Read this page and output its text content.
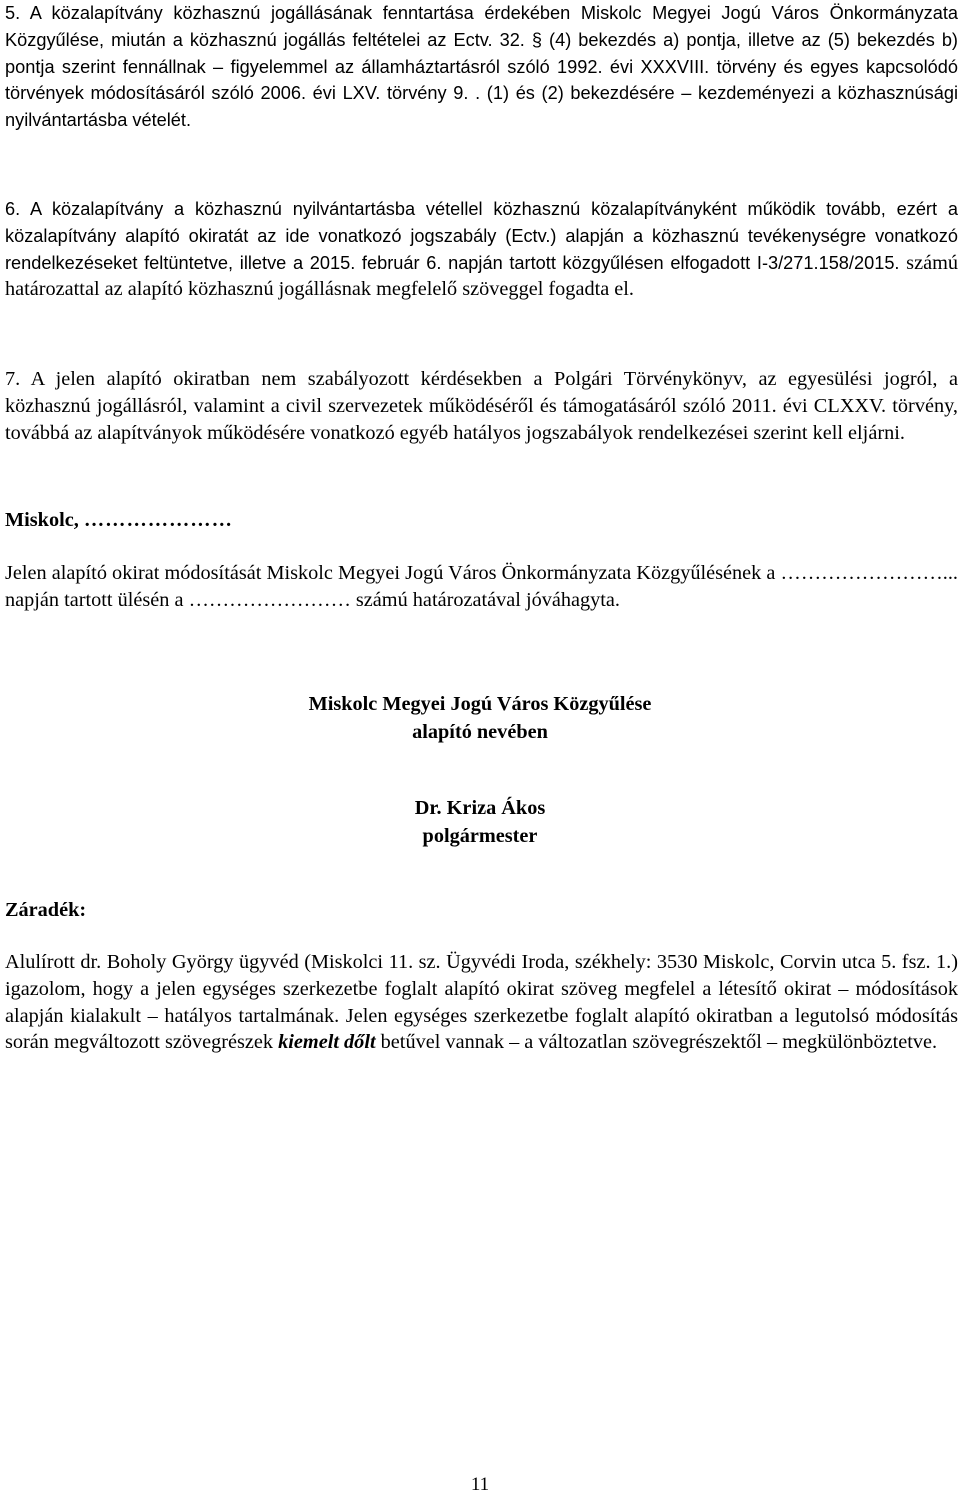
5. A közalapítvány közhasznú jogállásának fenntartása érdekében Miskolc Megyei Jogú Város Önkormányzata Közgyűlése, miután a közhasznú jogállás feltételei az Ectv. 32. § (4) bekezdés a) pontja, illetve az (5) bekezdés b) pontja szerint fennállnak – figyelemmel az államháztartásról szóló 1992. évi XXXVIII. törvény és egyes kapcsolódó törvények módosításáról szóló 2006. évi LXV. törvény 9. . (1) és (2) bekezdésére – kezdeményezi a közhasznúsági nyilvántartásba vételét.

6. A közalapítvány a közhasznú nyilvántartásba vétellel közhasznú közalapítványként működik tovább, ezért a közalapítvány alapító okiratát az ide vonatkozó jogszabály (Ectv.) alapján a közhasznú tevékenységre vonatkozó rendelkezéseket feltüntetve, illetve a 2015. február 6. napján tartott közgyűlésen elfogadott I-3/271.158/2015. számú határozattal az alapító közhasznú jogállásnak megfelelő szöveggel fogadta el.

7. A jelen alapító okiratban nem szabályozott kérdésekben a Polgári Törvénykönyv, az egyesülési jogról, a közhasznú jogállásról, valamint a civil szervezetek működéséről és támogatásáról szóló 2011. évi CLXXV. törvény, továbbá az alapítványok működésére vonatkozó egyéb hatályos jogszabályok rendelkezései szerint kell eljárni.

Miskolc, …………………

Jelen alapító okirat módosítását Miskolc Megyei Jogú Város Önkormányzata Közgyűlésének a ……………………... napján tartott ülésén a …………………… számú határozatával jóváhagyta.

Miskolc Megyei Jogú Város Közgyűlése
alapító nevében
Dr. Kriza Ákos
polgármester

Záradék:

Alulírott dr. Boholy György ügyvéd (Miskolci 11. sz. Ügyvédi Iroda, székhely: 3530 Miskolc, Corvin utca 5. fsz. 1.) igazolom, hogy a jelen egységes szerkezetbe foglalt alapító okirat szöveg megfelel a létesítő okirat – módosítások alapján kialakult – hatályos tartalmának. Jelen egységes szerkezetbe foglalt alapító okiratban a legutolsó módosítás során megváltozott szövegrészek kiemelt dőlt betűvel vannak – a változatlan szövegrészektől – megkülönböztetve.

11
